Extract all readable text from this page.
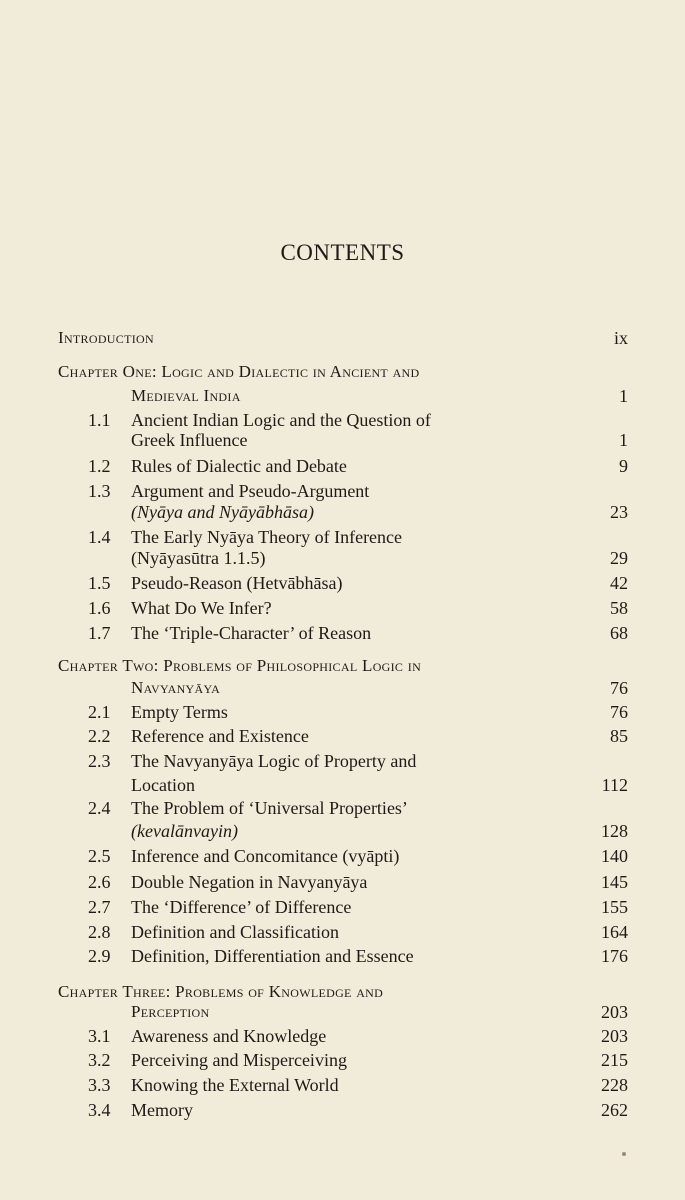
CONTENTS
Introduction	ix
Chapter One: Logic and Dialectic in Ancient and
Medieval India	1
1.1 Ancient Indian Logic and the Question of
Greek Influence	1
1.2 Rules of Dialectic and Debate	9
1.3 Argument and Pseudo-Argument
(Nyāya and Nyāyābhāsa)	23
1.4 The Early Nyāya Theory of Inference
(Nyāyasūtra 1.1.5)	29
1.5 Pseudo-Reason (Hetvābhāsa)	42
1.6 What Do We Infer?	58
1.7 The ‘Triple-Character’ of Reason	68
Chapter Two: Problems of Philosophical Logic in
Navyanyāya	76
2.1 Empty Terms	76
2.2 Reference and Existence	85
2.3 The Navyanyāya Logic of Property and
Location	112
2.4 The Problem of ‘Universal Properties’
(kevalānvayin)	128
2.5 Inference and Concomitance (vyāpti)	140
2.6 Double Negation in Navyanyāya	145
2.7 The ‘Difference’ of Difference	155
2.8 Definition and Classification	164
2.9 Definition, Differentiation and Essence	176
Chapter Three: Problems of Knowledge and
Perception	203
3.1 Awareness and Knowledge	203
3.2 Perceiving and Misperceiving	215
3.3 Knowing the External World	228
3.4 Memory	262
